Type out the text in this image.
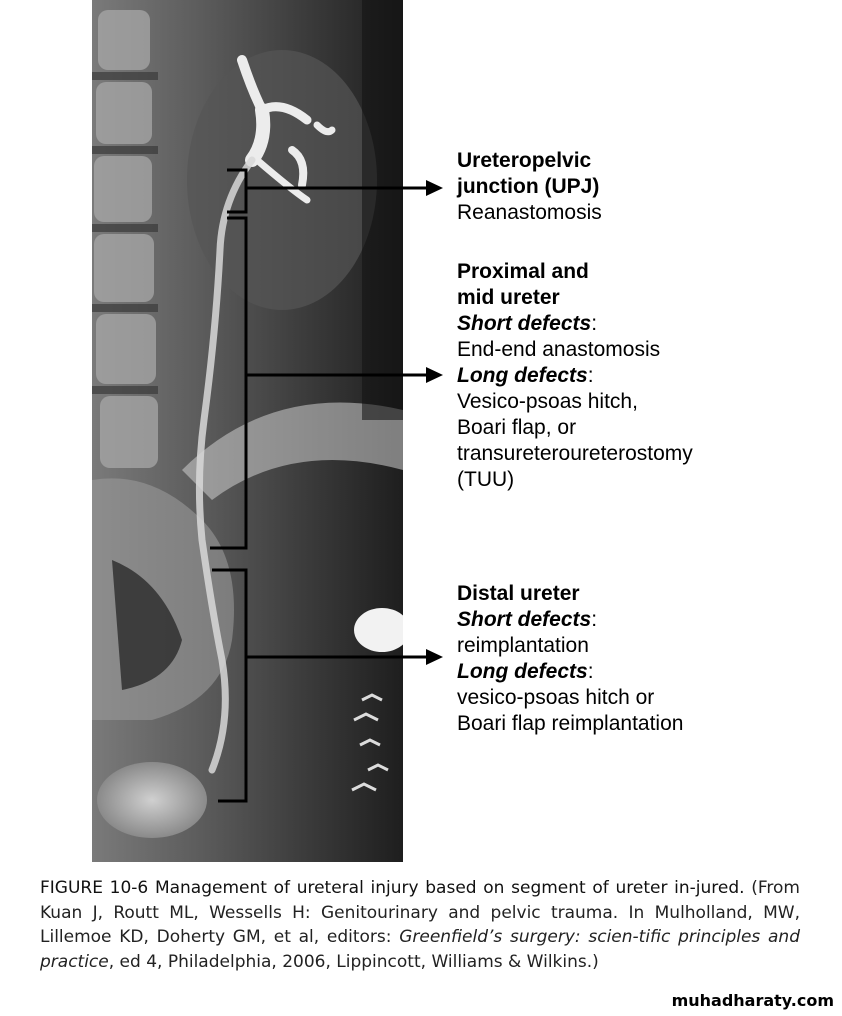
Ureteropelvic
junction (UPJ)
Reanastomosis
Proximal and
mid ureter
Short defects:
End-end anastomosis
Long defects:
Vesico-psoas hitch,
Boari flap, or
transureteroureterostomy
(TUU)
Distal ureter
Short defects:
reimplantation
Long defects:
vesico-psoas hitch or
Boari flap reimplantation
FIGURE 10-6 Management of ureteral injury based on segment of ureter in-jured. (From Kuan J, Routt ML, Wessells H: Genitourinary and pelvic trauma. In Mulholland, MW, Lillemoe KD, Doherty GM, et al, editors: Greenfield’s surgery: scien-tific principles and practice, ed 4, Philadelphia, 2006, Lippincott, Williams & Wilkins.)
muhadharaty.com
